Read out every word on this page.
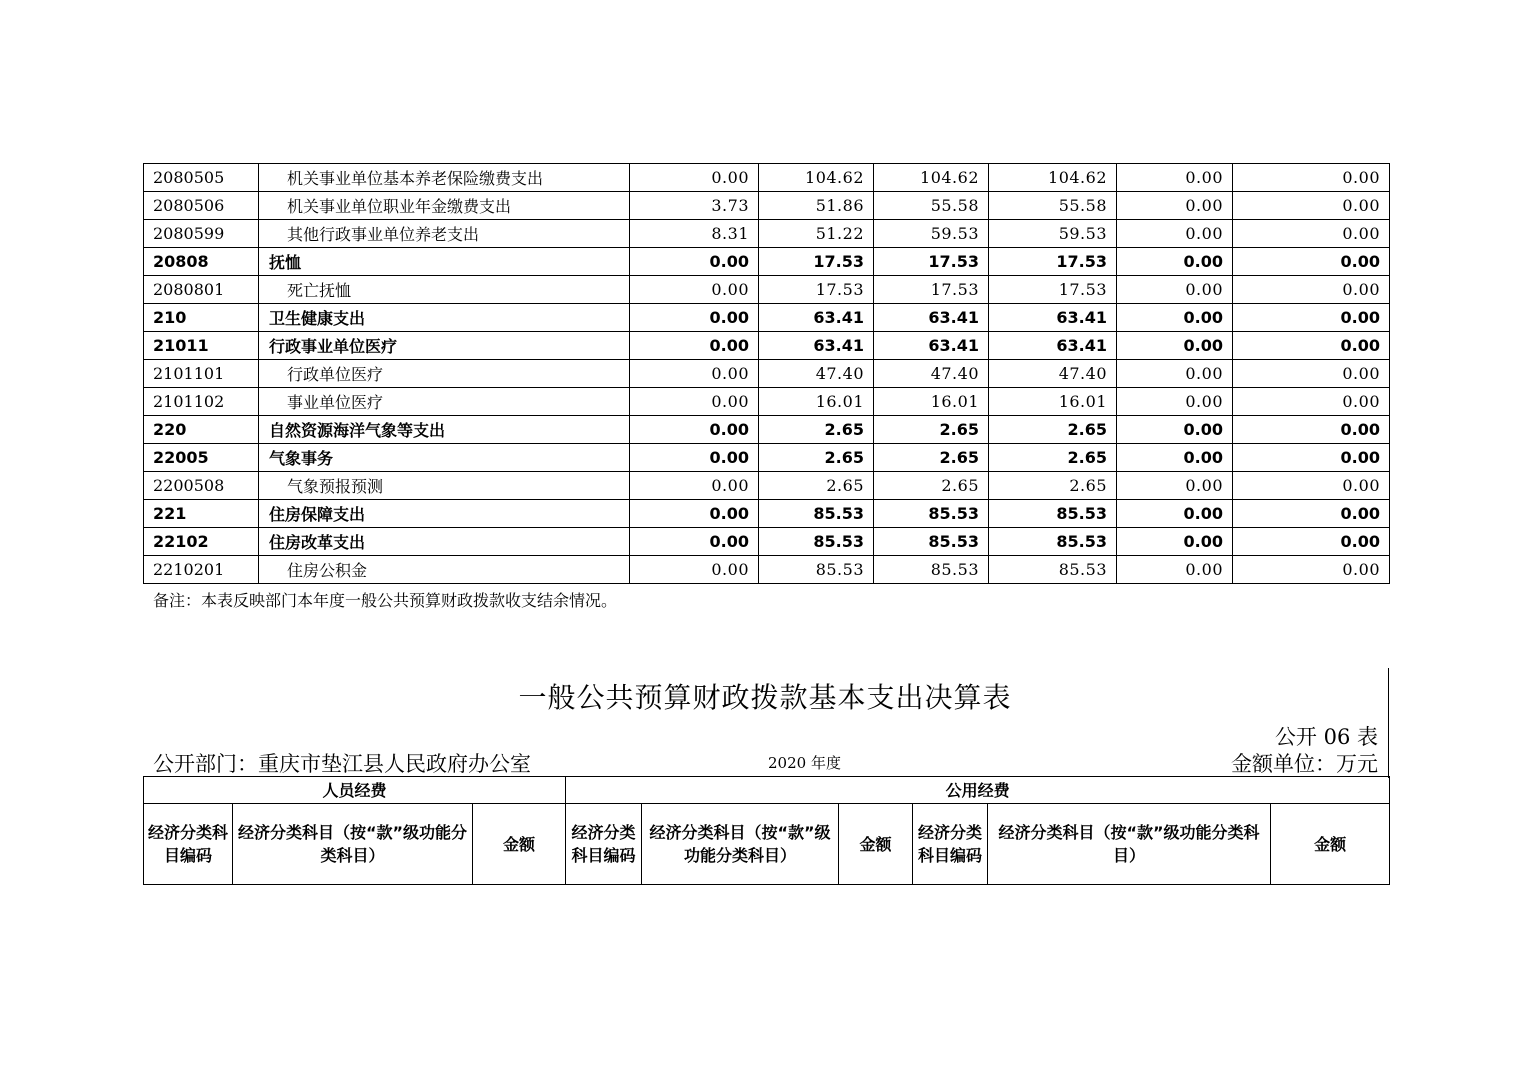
2080505	机关事业单位基本养老保险缴费支出	0.00	104.62	104.62	104.62	0.00	0.00
2080506	机关事业单位职业年金缴费支出	3.73	51.86	55.58	55.58	0.00	0.00
2080599	其他行政事业单位养老支出	8.31	51.22	59.53	59.53	0.00	0.00
20808	抚恤	0.00	17.53	17.53	17.53	0.00	0.00
2080801	死亡抚恤	0.00	17.53	17.53	17.53	0.00	0.00
210	卫生健康支出	0.00	63.41	63.41	63.41	0.00	0.00
21011	行政事业单位医疗	0.00	63.41	63.41	63.41	0.00	0.00
2101101	行政单位医疗	0.00	47.40	47.40	47.40	0.00	0.00
2101102	事业单位医疗	0.00	16.01	16.01	16.01	0.00	0.00
220	自然资源海洋气象等支出	0.00	2.65	2.65	2.65	0.00	0.00
22005	气象事务	0.00	2.65	2.65	2.65	0.00	0.00
2200508	气象预报预测	0.00	2.65	2.65	2.65	0.00	0.00
221	住房保障支出	0.00	85.53	85.53	85.53	0.00	0.00
22102	住房改革支出	0.00	85.53	85.53	85.53	0.00	0.00
2210201	住房公积金	0.00	85.53	85.53	85.53	0.00	0.00
备注：本表反映部门本年度一般公共预算财政拨款收支结余情况。
一般公共预算财政拨款基本支出决算表
公开 06 表
公开部门：重庆市垫江县人民政府办公室	2020 年度	金额单位：万元
人员经费			公用经费					
经济分类科目编码	经济分类科目（按“款”级功能分类科目）	金额	经济分类科目编码	经济分类科目（按“款”级功能分类科目）	金额	经济分类科目编码	经济分类科目（按“款”级功能分类科目）	金额
